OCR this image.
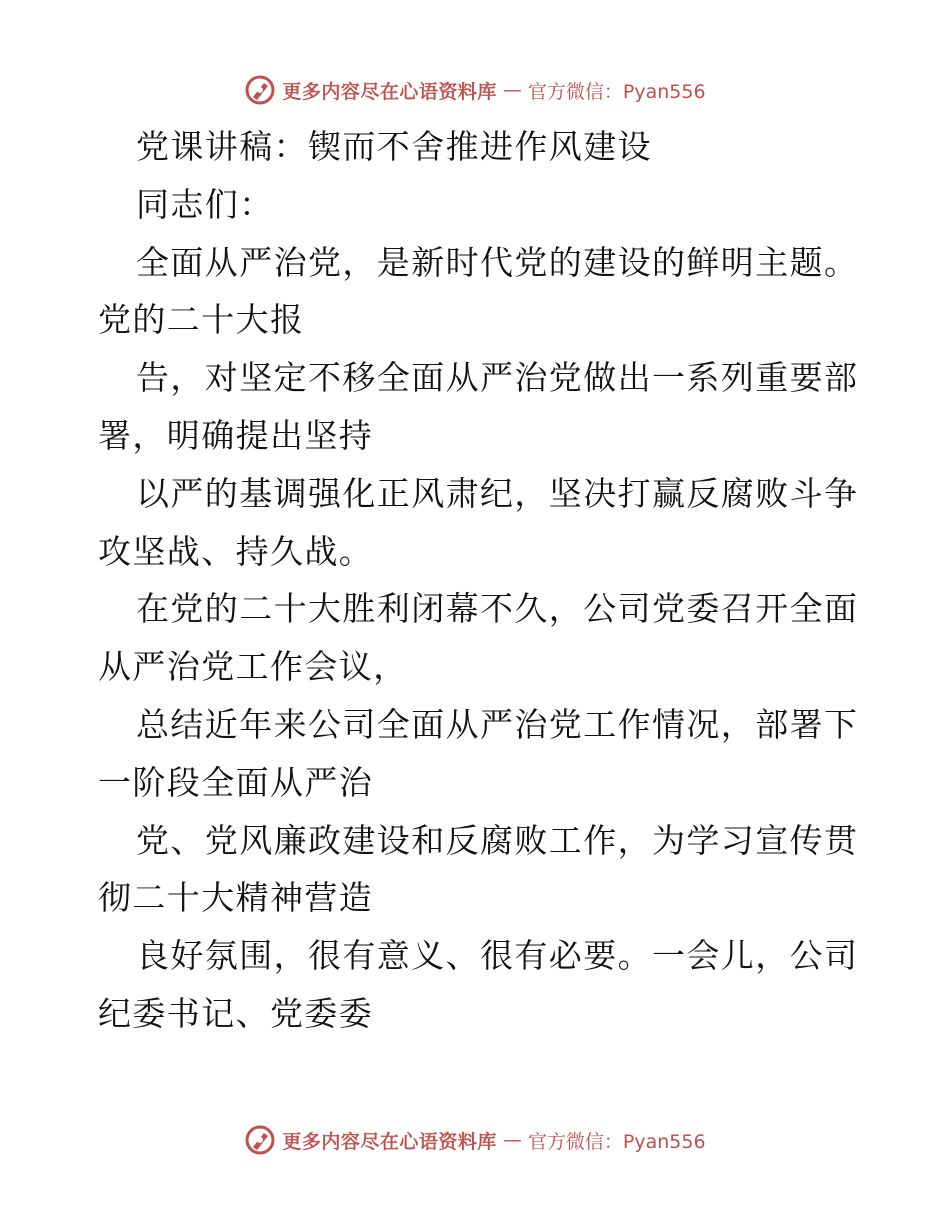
更多内容尽在心语资料库 — 官方微信：Pyan556
党课讲稿：锲而不舍推进作风建设
同志们：
全面从严治党，是新时代党的建设的鲜明主题。
党的二十大报
告，对坚定不移全面从严治党做出一系列重要部
署，明确提出坚持
以严的基调强化正风肃纪，坚决打赢反腐败斗争
攻坚战、持久战。
在党的二十大胜利闭幕不久，公司党委召开全面
从严治党工作会议，
总结近年来公司全面从严治党工作情况，部署下
一阶段全面从严治
党、党风廉政建设和反腐败工作，为学习宣传贯
彻二十大精神营造
良好氛围，很有意义、很有必要。一会儿，公司
纪委书记、党委委
更多内容尽在心语资料库 — 官方微信：Pyan556
